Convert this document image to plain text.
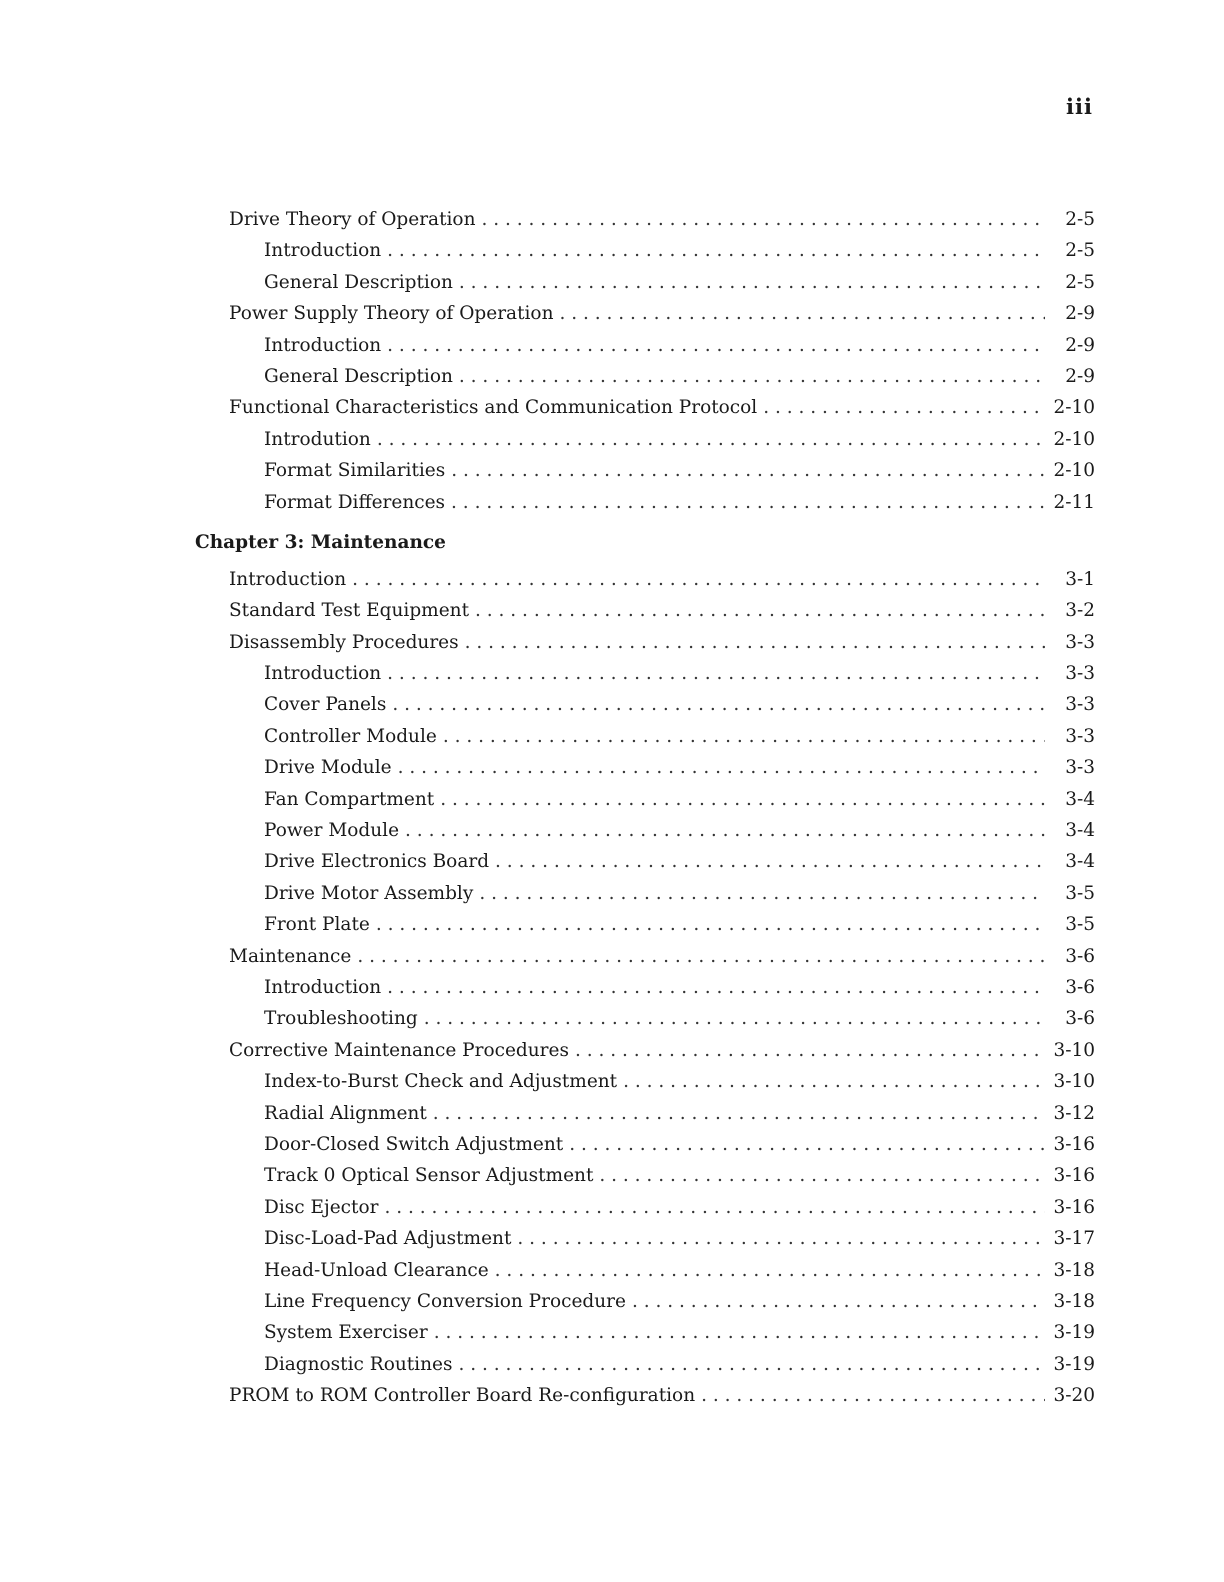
iii
Drive Theory of Operation . . .	2-5
Introduction . . .	2-5
General Description . . .	2-5
Power Supply Theory of Operation . . .	2-9
Introduction . . .	2-9
General Description . . .	2-9
Functional Characteristics and Communication Protocol . . .	2-10
Introdution . . .	2-10
Format Similarities . . .	2-10
Format Differences . . .	2-11
Chapter 3: Maintenance
Introduction . . .	3-1
Standard Test Equipment . . .	3-2
Disassembly Procedures . . .	3-3
Introduction . . .	3-3
Cover Panels . . .	3-3
Controller Module . . .	3-3
Drive Module . . .	3-3
Fan Compartment . . .	3-4
Power Module . . .	3-4
Drive Electronics Board . . .	3-4
Drive Motor Assembly . . .	3-5
Front Plate . . .	3-5
Maintenance . . .	3-6
Introduction . . .	3-6
Troubleshooting . . .	3-6
Corrective Maintenance Procedures . . .	3-10
Index-to-Burst Check and Adjustment . . .	3-10
Radial Alignment . . .	3-12
Door-Closed Switch Adjustment . . .	3-16
Track 0 Optical Sensor Adjustment . . .	3-16
Disc Ejector . . .	3-16
Disc-Load-Pad Adjustment . . .	3-17
Head-Unload Clearance . . .	3-18
Line Frequency Conversion Procedure . . .	3-18
System Exerciser . . .	3-19
Diagnostic Routines . . .	3-19
PROM to ROM Controller Board Re-configuration . . .	3-20
